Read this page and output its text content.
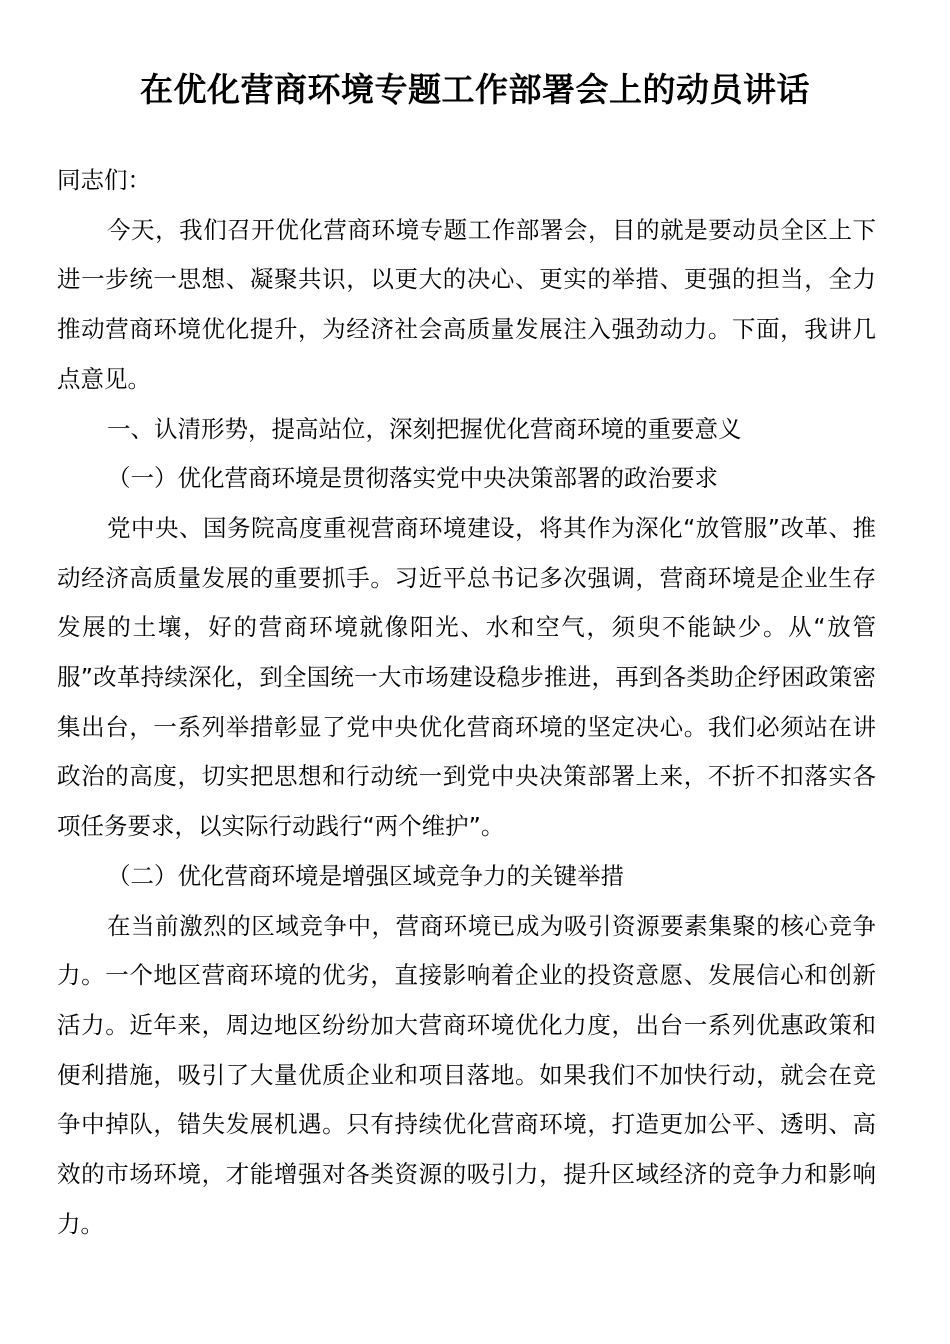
在优化营商环境专题工作部署会上的动员讲话

同志们：

今天，我们召开优化营商环境专题工作部署会，目的就是要动员全区上下进一步统一思想、凝聚共识，以更大的决心、更实的举措、更强的担当，全力推动营商环境优化提升，为经济社会高质量发展注入强劲动力。下面，我讲几点意见。

一、认清形势，提高站位，深刻把握优化营商环境的重要意义

（一）优化营商环境是贯彻落实党中央决策部署的政治要求

党中央、国务院高度重视营商环境建设，将其作为深化“放管服”改革、推动经济高质量发展的重要抓手。习近平总书记多次强调，营商环境是企业生存发展的土壤，好的营商环境就像阳光、水和空气，须臾不能缺少。从“放管服”改革持续深化，到全国统一大市场建设稳步推进，再到各类助企纾困政策密集出台，一系列举措彰显了党中央优化营商环境的坚定决心。我们必须站在讲政治的高度，切实把思想和行动统一到党中央决策部署上来，不折不扣落实各项任务要求，以实际行动践行“两个维护”。

（二）优化营商环境是增强区域竞争力的关键举措

在当前激烈的区域竞争中，营商环境已成为吸引资源要素集聚的核心竞争力。一个地区营商环境的优劣，直接影响着企业的投资意愿、发展信心和创新活力。近年来，周边地区纷纷加大营商环境优化力度，出台一系列优惠政策和便利措施，吸引了大量优质企业和项目落地。如果我们不加快行动，就会在竞争中掉队，错失发展机遇。只有持续优化营商环境，打造更加公平、透明、高效的市场环境，才能增强对各类资源的吸引力，提升区域经济的竞争力和影响力。
